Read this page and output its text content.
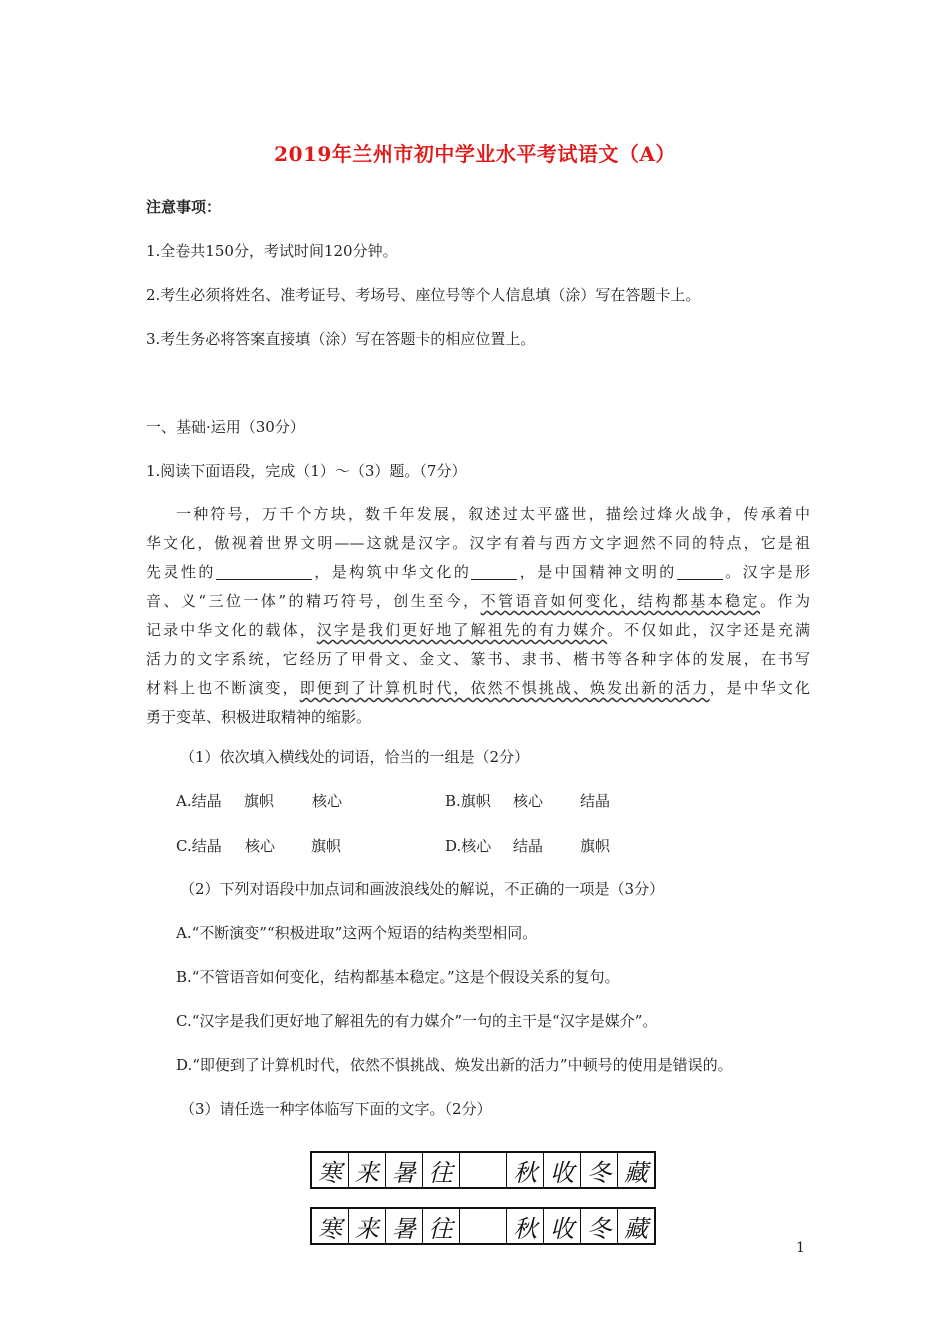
2019年兰州市初中学业水平考试语文（A）
注意事项：
1.全卷共150分，考试时间120分钟。
2.考生必须将姓名、准考证号、考场号、座位号等个人信息填（涂）写在答题卡上。
3.考生务必将答案直接填（涂）写在答题卡的相应位置上。
一、基础·运用（30分）
1.阅读下面语段，完成（1）～（3）题。（7分）
一种符号，万千个方块，数千年发展，叙述过太平盛世，描绘过烽火战争，传承着中
华文化，傲视着世界文明——这就是汉字。汉字有着与西方文字迥然不同的特点，它是祖
先灵性的	，是构筑中华文化的	，是中国精神文明的	。汉字是形
音、义“三位一体”的精巧符号，创生至今，不管语音如何变化，结构都基本稳定。作为
记录中华文化的载体，汉字是我们更好地了解祖先的有力媒介。不仅如此，汉字还是充满
活力的文字系统，它经历了甲骨文、金文、篆书、隶书、楷书等各种字体的发展，在书写
材料上也不断演变，即便到了计算机时代，依然不惧挑战、焕发出新的活力，是中华文化
勇于变革、积极进取精神的缩影。
（1）依次填入横线处的词语，恰当的一组是（2分）
A.结晶 旗帜	核心	B.旗帜 核心 结晶
C.结晶 核心 旗帜	D.核心 结晶 旗帜
（2）下列对语段中加点词和画波浪线处的解说，不正确的一项是（3分）
A.“不断演变”“积极进取”这两个短语的结构类型相同。
B.“不管语音如何变化，结构都基本稳定。”这是个假设关系的复句。
C.“汉字是我们更好地了解祖先的有力媒介”一句的主干是“汉字是媒介”。
D.“即便到了计算机时代，依然不惧挑战、焕发出新的活力”中顿号的使用是错误的。
（3）请任选一种字体临写下面的文字。（2分）
寒 来 暑 往	秋 收 冬 藏
寒 来 暑 往	秋 收 冬 藏
1
